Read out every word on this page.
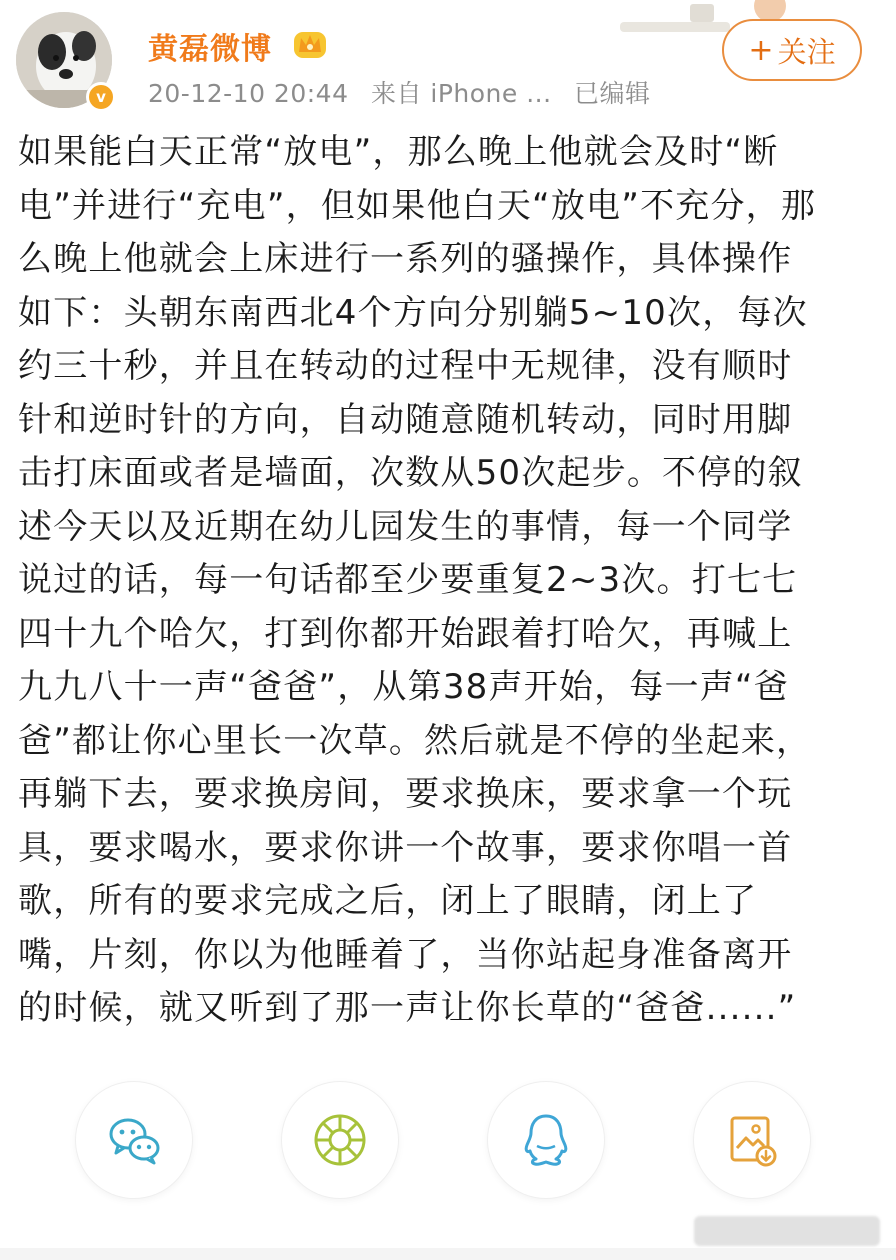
v
黄磊微博
20-12-10 20:44 来自 iPhone ... 已编辑
+ 关注
如果能白天正常“放电”，那么晚上他就会及时“断
电”并进行“充电”，但如果他白天“放电”不充分，那
么晚上他就会上床进行一系列的骚操作，具体操作
如下：头朝东南西北4个方向分别躺5~10次，每次
约三十秒，并且在转动的过程中无规律，没有顺时
针和逆时针的方向，自动随意随机转动，同时用脚
击打床面或者是墙面，次数从50次起步。不停的叙
述今天以及近期在幼儿园发生的事情，每一个同学
说过的话，每一句话都至少要重复2~3次。打七七
四十九个哈欠，打到你都开始跟着打哈欠，再喊上
九九八十一声“爸爸”，从第38声开始，每一声“爸
爸”都让你心里长一次草。然后就是不停的坐起来，
再躺下去，要求换房间，要求换床，要求拿一个玩
具，要求喝水，要求你讲一个故事，要求你唱一首
歌，所有的要求完成之后，闭上了眼睛，闭上了
嘴，片刻，你以为他睡着了，当你站起身准备离开
的时候，就又听到了那一声让你长草的“爸爸......”
